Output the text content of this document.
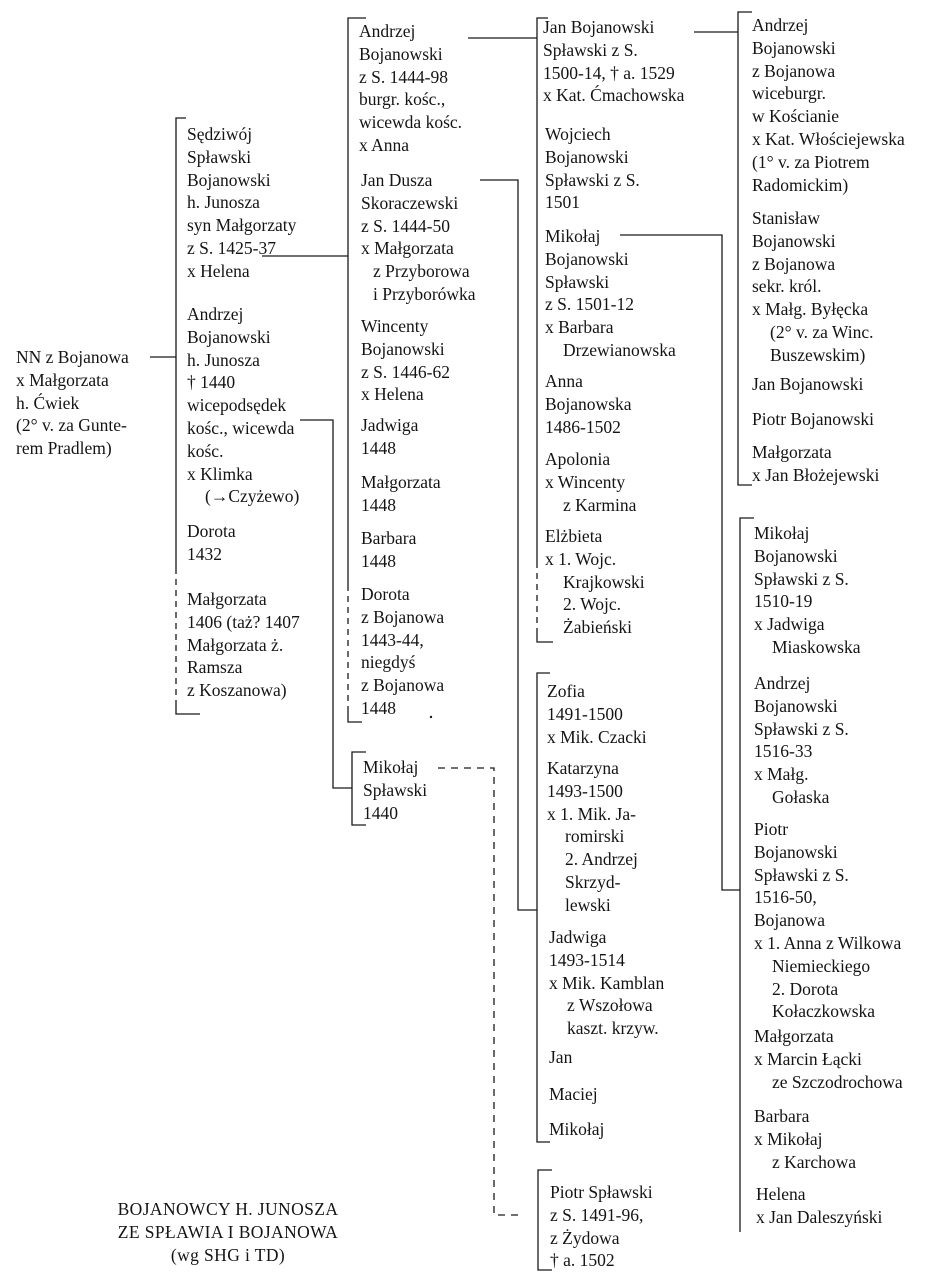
NN z Bojanowa
x Małgorzata
h. Ćwiek
(2° v. za Gunte-
rem Pradlem)
Sędziwój
Spławski
Bojanowski
h. Junosza
syn Małgorzaty
z S. 1425-37
x Helena
Andrzej
Bojanowski
h. Junosza
† 1440
wicepodsędek
kośc., wicewda
kośc.
x Klimka
(→Czyżewo)
Dorota
1432
Małgorzata
1406 (taż? 1407
Małgorzata ż.
Ramsza
z Koszanowa)
Andrzej
Bojanowski
z S. 1444-98
burgr. kośc.,
wicewda kośc.
x Anna
Jan Dusza
Skoraczewski
z S. 1444-50
x Małgorzata
z Przyborowa
i Przyborówka
Wincenty
Bojanowski
z S. 1446-62
x Helena
Jadwiga
1448
Małgorzata
1448
Barbara
1448
Dorota
z Bojanowa
1443-44,
niegdyś
z Bojanowa
1448
Mikołaj
Spławski
1440
Jan Bojanowski
Spławski z S.
1500-14, † a. 1529
x Kat. Ćmachowska
Wojciech
Bojanowski
Spławski z S.
1501
Mikołaj
Bojanowski
Spławski
z S. 1501-12
x Barbara
Drzewianowska
Anna
Bojanowska
1486-1502
Apolonia
x Wincenty
z Karmina
Elżbieta
x 1. Wojc.
Krajkowski
2. Wojc.
Żabieński
Zofia
1491-1500
x Mik. Czacki
Katarzyna
1493-1500
x 1. Mik. Ja-
romirski
2. Andrzej
Skrzyd-
lewski
Jadwiga
1493-1514
x Mik. Kamblan
z Wszołowa
kaszt. krzyw.
Jan
Maciej
Mikołaj
Piotr Spławski
z S. 1491-96,
z Żydowa
† a. 1502
Andrzej
Bojanowski
z Bojanowa
wiceburgr.
w Kościanie
x Kat. Włościejewska
(1° v. za Piotrem
Radomickim)
Stanisław
Bojanowski
z Bojanowa
sekr. król.
x Małg. Byłęcka
(2° v. za Winc.
Buszewskim)
Jan Bojanowski
Piotr Bojanowski
Małgorzata
x Jan Błożejewski
Mikołaj
Bojanowski
Spławski z S.
1510-19
x Jadwiga
Miaskowska
Andrzej
Bojanowski
Spławski z S.
1516-33
x Małg.
Gołaska
Piotr
Bojanowski
Spławski z S.
1516-50,
Bojanowa
x 1. Anna z Wilkowa
Niemieckiego
2. Dorota
Kołaczkowska
Małgorzata
x Marcin Łącki
ze Szczodrochowa
Barbara
x Mikołaj
z Karchowa
Helena
x Jan Daleszyński
BOJANOWCY H. JUNOSZA
ZE SPŁAWIA I BOJANOWA
(wg SHG i TD)
